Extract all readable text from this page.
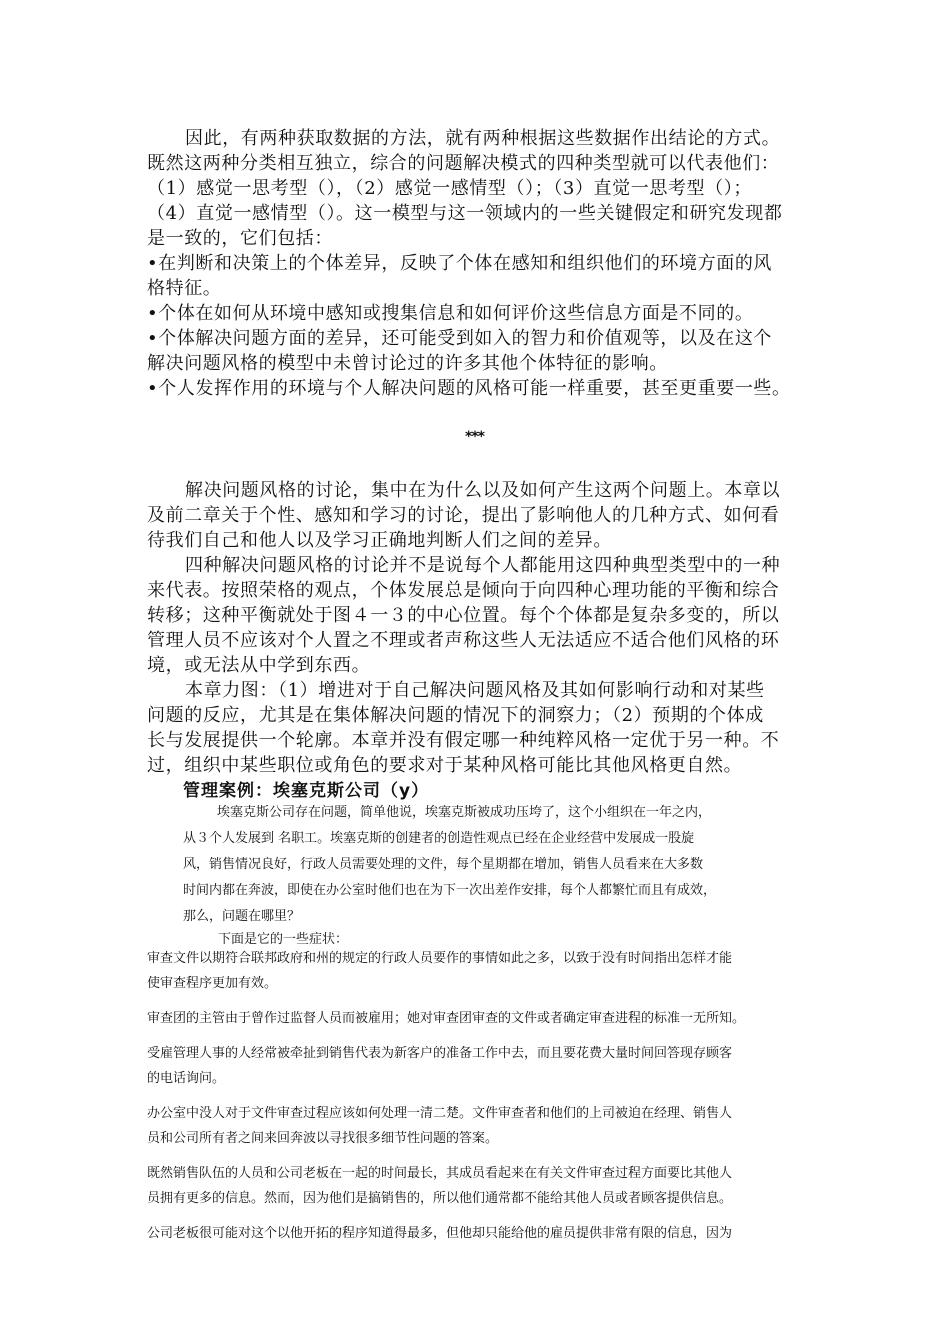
因此，有两种获取数据的方法，就有两种根据这些数据作出结论的方式。
既然这两种分类相互独立，综合的问题解决模式的四种类型就可以代表他们：
（1）感觉一思考型（），（2）感觉一感情型（）；（3）直觉一思考型（）；
（4）直觉一感情型（）。这一模型与这一领域内的一些关键假定和研究发现都
是一致的，它们包括：

•在判断和决策上的个体差异，反映了个体在感知和组织他们的环境方面的风
格特征。

•个体在如何从环境中感知或搜集信息和如何评价这些信息方面是不同的。

•个体解决问题方面的差异，还可能受到如入的智力和价值观等，以及在这个
解决问题风格的模型中未曾讨论过的许多其他个体特征的影响。

•个人发挥作用的环境与个人解决问题的风格可能一样重要，甚至更重要一些。

***

解决问题风格的讨论，集中在为什么以及如何产生这两个问题上。本章以
及前二章关于个性、感知和学习的讨论，提出了影响他人的几种方式、如何看
待我们自己和他人以及学习正确地判断人们之间的差异。

四种解决问题风格的讨论并不是说每个人都能用这四种典型类型中的一种
来代表。按照荣格的观点，个体发展总是倾向于向四种心理功能的平衡和综合
转移；这种平衡就处于图４一３的中心位置。每个个体都是复杂多变的，所以
管理人员不应该对个人置之不理或者声称这些人无法适应不适合他们风格的环
境，或无法从中学到东西。

本章力图：（1）增进对于自己解决问题风格及其如何影响行动和对某些
问题的反应，尤其是在集体解决问题的情况下的洞察力；（2）预期的个体成
长与发展提供一个轮廓。本章并没有假定哪一种纯粹风格一定优于另一种。不
过，组织中某些职位或角色的要求对于某种风格可能比其他风格更自然。

管理案例：埃塞克斯公司（y）

埃塞克斯公司存在问题，简单他说，埃塞克斯被成功压垮了，这个小组织在一年之内，
从３个人发展到 名职工。埃塞克斯的创建者的创造性观点已经在企业经营中发展成一股旋
风，销售情况良好，行政人员需要处理的文件，每个星期都在增加，销售人员看来在大多数
时间内都在奔波，即使在办公室时他们也在为下一次出差作安排，每个人都繁忙而且有成效，
那么，问题在哪里？

下面是它的一些症状：

审查文件以期符合联邦政府和州的规定的行政人员要作的事情如此之多，以致于没有时间指出怎样才能
使审查程序更加有效。

审查团的主管由于曾作过监督人员而被雇用；她对审查团审查的文件或者确定审查进程的标准一无所知。

受雇管理人事的人经常被牵扯到销售代表为新客户的准备工作中去，而且要花费大量时间回答现存顾客
的电话询问。

办公室中没人对于文件审查过程应该如何处理一清二楚。文件审查者和他们的上司被迫在经理、销售人
员和公司所有者之间来回奔波以寻找很多细节性问题的答案。

既然销售队伍的人员和公司老板在一起的时间最长，其成员看起来在有关文件审查过程方面要比其他人
员拥有更多的信息。然而，因为他们是搞销售的，所以他们通常都不能给其他人员或者顾客提供信息。

公司老板很可能对这个以他开拓的程序知道得最多，但他却只能给他的雇员提供非常有限的信息，因为
